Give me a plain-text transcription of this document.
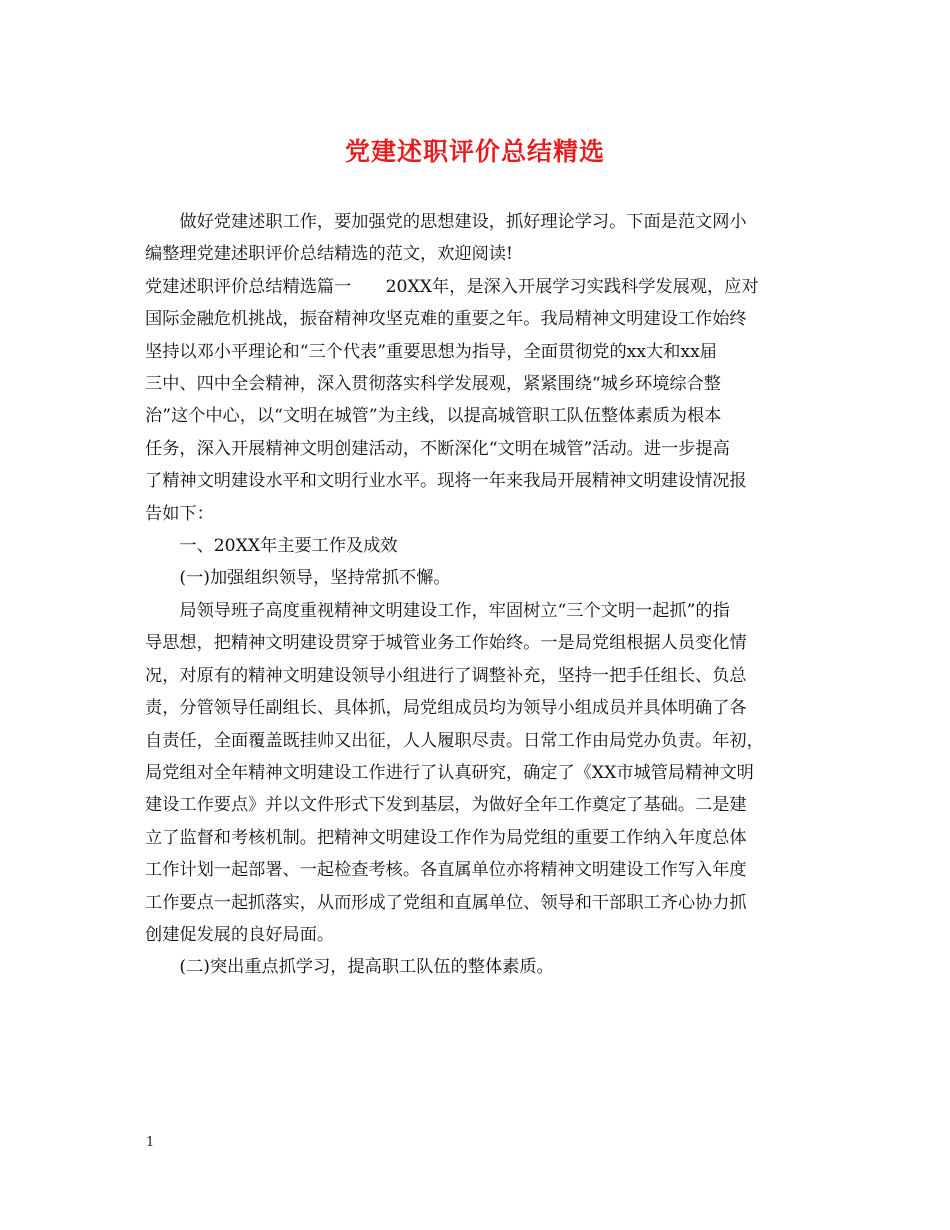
党建述职评价总结精选

　　做好党建述职工作，要加强党的思想建设，抓好理论学习。下面是范文网小

编整理党建述职评价总结精选的范文，欢迎阅读!

党建述职评价总结精选篇一　　20XX年，是深入开展学习实践科学发展观，应对

国际金融危机挑战，振奋精神攻坚克难的重要之年。我局精神文明建设工作始终

坚持以邓小平理论和“三个代表”重要思想为指导，全面贯彻党的xx大和xx届

三中、四中全会精神，深入贯彻落实科学发展观，紧紧围绕“城乡环境综合整

治”这个中心，以“文明在城管”为主线，以提高城管职工队伍整体素质为根本

任务，深入开展精神文明创建活动，不断深化“文明在城管”活动。进一步提高

了精神文明建设水平和文明行业水平。现将一年来我局开展精神文明建设情况报

告如下：

　　一、20XX年主要工作及成效

　　(一)加强组织领导，坚持常抓不懈。

　　局领导班子高度重视精神文明建设工作，牢固树立“三个文明一起抓”的指

导思想，把精神文明建设贯穿于城管业务工作始终。一是局党组根据人员变化情

况，对原有的精神文明建设领导小组进行了调整补充，坚持一把手任组长、负总

责，分管领导任副组长、具体抓，局党组成员均为领导小组成员并具体明确了各

自责任，全面覆盖既挂帅又出征，人人履职尽责。日常工作由局党办负责。年初，

局党组对全年精神文明建设工作进行了认真研究，确定了《XX市城管局精神文明

建设工作要点》并以文件形式下发到基层，为做好全年工作奠定了基础。二是建

立了监督和考核机制。把精神文明建设工作作为局党组的重要工作纳入年度总体

工作计划一起部署、一起检查考核。各直属单位亦将精神文明建设工作写入年度

工作要点一起抓落实，从而形成了党组和直属单位、领导和干部职工齐心协力抓

创建促发展的良好局面。

　　(二)突出重点抓学习，提高职工队伍的整体素质。

1
